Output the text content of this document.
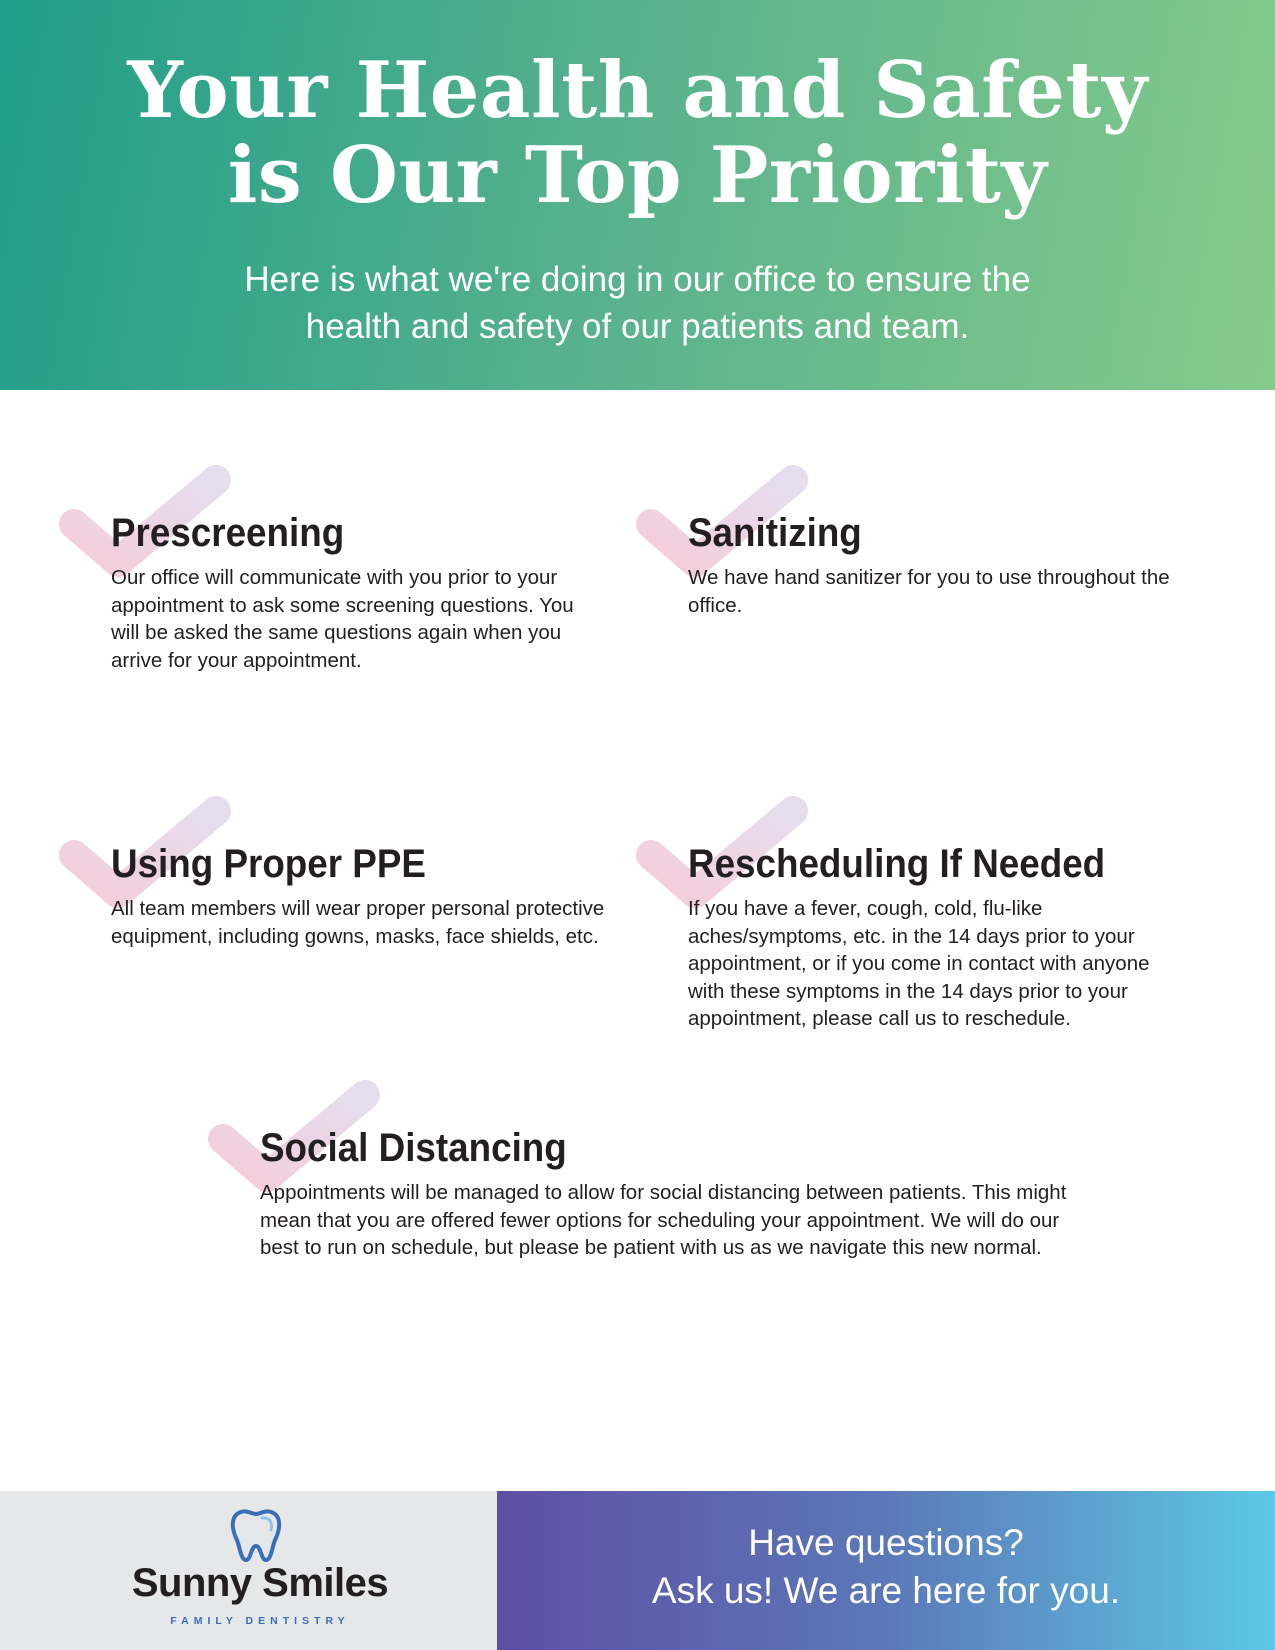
Your Health and Safety
is Our Top Priority
Here is what we're doing in our office to ensure the
health and safety of our patients and team.
Prescreening

Our office will communicate with you prior to your appointment to ask some screening questions. You will be asked the same questions again when you arrive for your appointment.

Sanitizing

We have hand sanitizer for you to use throughout the office.

Using Proper PPE

All team members will wear proper personal protective equipment, including gowns, masks, face shields, etc.

Rescheduling If Needed

If you have a fever, cough, cold, flu-like aches/symptoms, etc. in the 14 days prior to your appointment, or if you come in contact with anyone with these symptoms in the 14 days prior to your appointment, please call us to reschedule.

Social Distancing

Appointments will be managed to allow for social distancing between patients. This might mean that you are offered fewer options for scheduling your appointment. We will do our best to run on schedule, but please be patient with us as we navigate this new normal.

Sunny Smiles
FAMILY DENTISTRY
Have questions?
Ask us! We are here for you.
